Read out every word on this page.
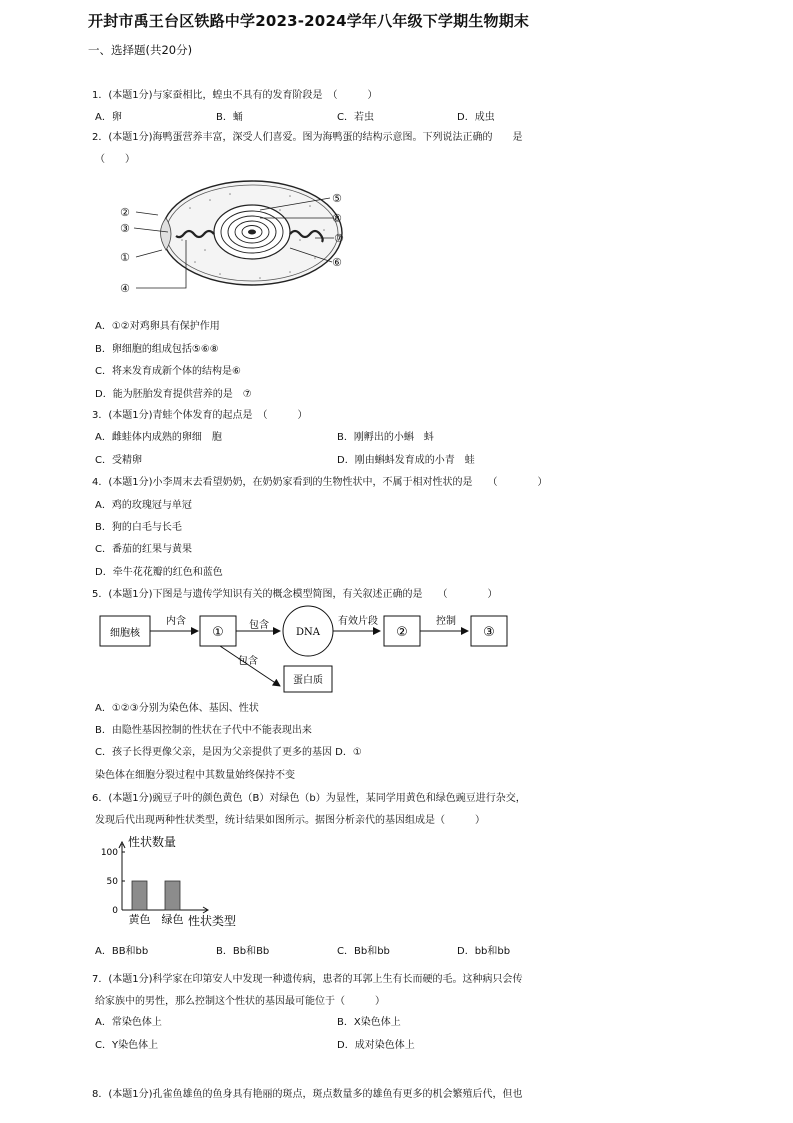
开封市禹王台区铁路中学2023-2024学年八年级下学期生物期末
一、选择题(共20分)
1．(本题1分)与家蚕相比，蝗虫不具有的发育阶段是　（　　　）
A．卵	B．蛹	C．若虫	D．成虫
2．(本题1分)海鸭蛋营养丰富，深受人们喜爱。图为海鸭蛋的结构示意图。下列说法正确的　　是
（　　）
②
③
①
④
⑤
⑧
⑦
⑥
A．①②对鸡卵具有保护作用
B．卵细胞的组成包括⑤⑥⑧
C．将来发育成新个体的结构是⑥
D．能为胚胎发育提供营养的是　⑦
3．(本题1分)青蛙个体发育的起点是　（　　　）
A．雌蛙体内成熟的卵细　胞	B．刚孵出的小蝌　蚪
C．受精卵	D．刚由蝌蚪发育成的小青　蛙
4．(本题1分)小李周末去看望奶奶，在奶奶家看到的生物性状中，不属于相对性状的是　　（　　　　）
A．鸡的玫瑰冠与单冠
B．狗的白毛与长毛
C．番茄的红果与黄果
D．牵牛花花瓣的红色和蓝色
5．(本题1分)下图是与遗传学知识有关的概念模型简图，有关叙述正确的是　　（　　　　）
细胞核
内含
①	包含
DNA
有效片段
②
控制
③
包含
蛋白质
A．①②③分别为染色体、基因、性状
B．由隐性基因控制的性状在子代中不能表现出来
C．孩子长得更像父亲，是因为父亲提供了更多的基因 D．①
染色体在细胞分裂过程中其数量始终保持不变
6．(本题1分)豌豆子叶的颜色黄色（B）对绿色（b）为显性，某同学用黄色和绿色豌豆进行杂交，
发现后代出现两种性状类型，统计结果如图所示。据图分析亲代的基因组成是（　　　）
100
50
0
黄色 绿色
性状数量
性状类型
A．BB和bb	B．Bb和Bb	C．Bb和bb	D．bb和bb
7．(本题1分)科学家在印第安人中发现一种遗传病，患者的耳郭上生有长而硬的毛。这种病只会传
给家族中的男性，那么控制这个性状的基因最可能位于（　　　）
A．常染色体上	B．X染色体上
C．Y染色体上	D．成对染色体上
8．(本题1分)孔雀鱼雄鱼的鱼身具有艳丽的斑点，斑点数量多的雄鱼有更多的机会繁殖后代，但也
